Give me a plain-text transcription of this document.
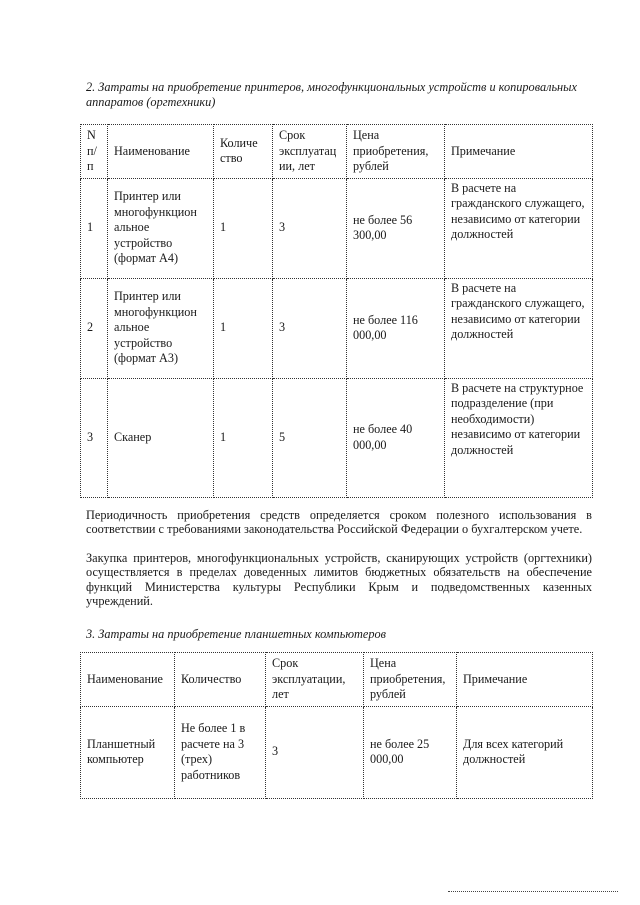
2. Затраты на приобретение принтеров, многофункциональных устройств и копировальных аппаратов (оргтехники)
N п/п	Наименование	Количе ство	Срок эксплуатац ии, лет	Цена приобретения, рублей	Примечание
1	Принтер или многофункцион альное устройство (формат А4)	1	3	не более 56 300,00	В расчете на гражданского служащего, независимо от категории должностей
2	Принтер или многофункцион альное устройство (формат А3)	1	3	не более 116 000,00	В расчете на гражданского служащего, независимо от категории должностей
3	Сканер	1	5	не более 40 000,00	В расчете на структурное подразделение (при необходимости) независимо от категории должностей
Периодичность приобретения средств определяется сроком полезного использования в соответствии с требованиями законодательства Российской Федерации о бухгалтерском учете.
Закупка принтеров, многофункциональных устройств, сканирующих устройств (оргтехники) осуществляется в пределах доведенных лимитов бюджетных обязательств на обеспечение функций Министерства культуры Республики Крым и подведомственных казенных учреждений.
3. Затраты на приобретение планшетных компьютеров
Наименование	Количество	Срок эксплуатации, лет	Цена приобретения, рублей	Примечание
Планшетный компьютер	Не более 1 в расчете на 3 (трех) работников	3	не более 25 000,00	Для всех категорий должностей
